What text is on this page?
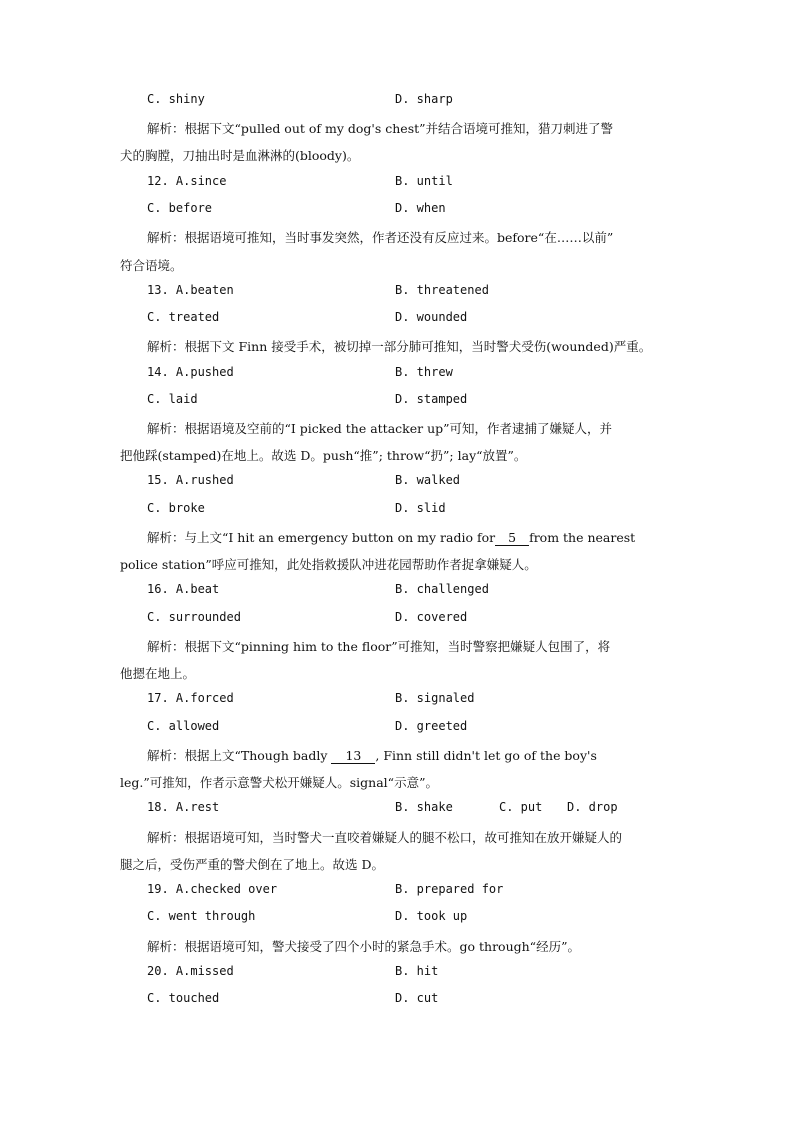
C. shiny	D. sharp
解析：根据下文“pulled out of my dog's chest”并结合语境可推知，猎刀刺进了警
犬的胸膛，刀抽出时是血淋淋的(bloody)。
12. A.since	B. until
C. before	D. when
解析：根据语境可推知，当时事发突然，作者还没有反应过来。before“在……以前”
符合语境。
13. A.beaten	B. threatened
C. treated	D. wounded
解析：根据下文 Finn 接受手术，被切掉一部分肺可推知，当时警犬受伤(wounded)严重。
14. A.pushed	B. threw
C. laid	D. stamped
解析：根据语境及空前的“I picked the attacker up”可知，作者逮捕了嫌疑人，并
把他踩(stamped)在地上。故选 D。push“推”; throw“扔”; lay“放置”。
15. A.rushed	B. walked
C. broke	D. slid
解析：与上文“I hit an emergency button on my radio for 5 from the nearest
police station”呼应可推知，此处指救援队冲进花园帮助作者捉拿嫌疑人。
16. A.beat	B. challenged
C. surrounded	D. covered
解析：根据下文“pinning him to the floor”可推知，当时警察把嫌疑人包围了，将
他摁在地上。
17. A.forced	B. signaled
C. allowed	D. greeted
解析：根据上文“Though badly 13 , Finn still didn't let go of the boy's
leg.”可推知，作者示意警犬松开嫌疑人。signal“示意”。
18. A.rest	B. shake	C. put D. drop
解析：根据语境可知，当时警犬一直咬着嫌疑人的腿不松口，故可推知在放开嫌疑人的
腿之后，受伤严重的警犬倒在了地上。故选 D。
19. A.checked over	B. prepared for
C. went through	D. took up
解析：根据语境可知，警犬接受了四个小时的紧急手术。go through“经历”。
20. A.missed	B. hit
C. touched	D. cut
